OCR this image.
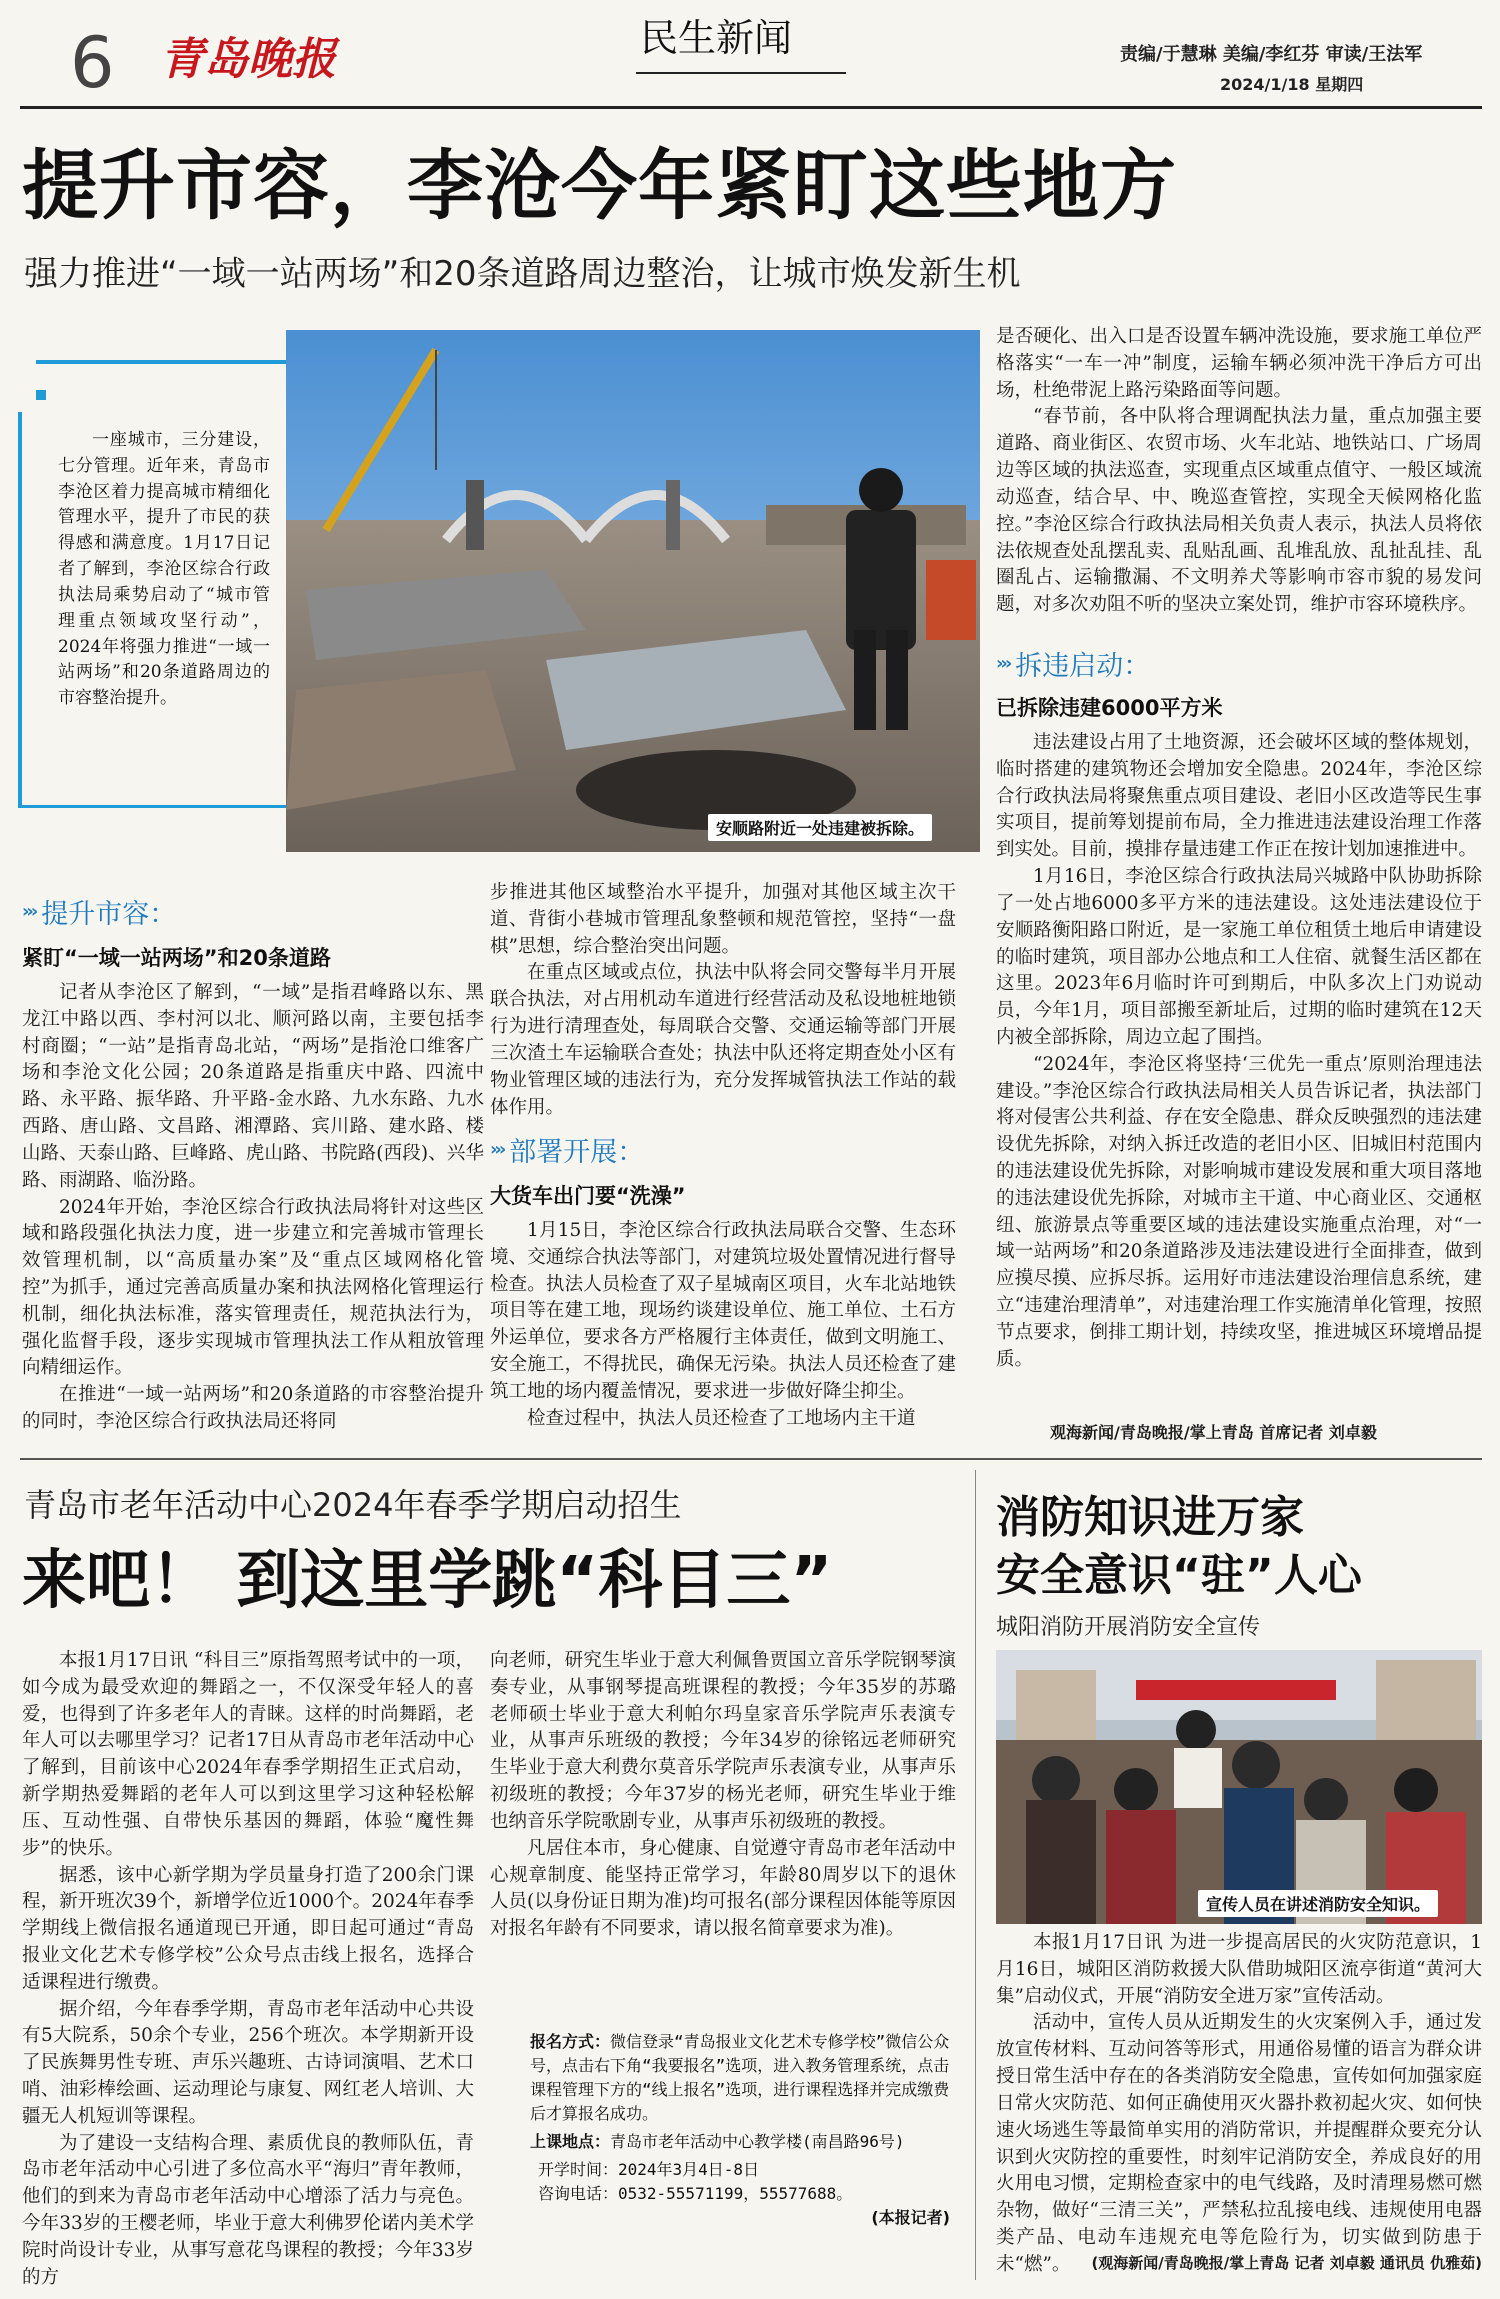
6 青岛晚报	民生新闻	责编/于慧琳 美编/李红芬 审读/王法军
2024/1/18 星期四
提升市容，李沧今年紧盯这些地方
强力推进“一域一站两场”和20条道路周边整治，让城市焕发新生机
一座城市，三分建设，七分管理。近年来，青岛市李沧区着力提高城市精细化管理水平，提升了市民的获得感和满意度。1月17日记者了解到，李沧区综合行政执法局乘势启动了“城市管理重点领域攻坚行动”，2024年将强力推进“一域一站两场”和20条道路周边的市容整治提升。
安顺路附近一处违建被拆除。
››› 提升市容：
紧盯“一域一站两场”和20条道路

记者从李沧区了解到，“一域”是指君峰路以东、黑龙江中路以西、李村河以北、顺河路以南，主要包括李村商圈；“一站”是指青岛北站，“两场”是指沧口维客广场和李沧文化公园；20条道路是指重庆中路、四流中路、永平路、振华路、升平路-金水路、九水东路、九水西路、唐山路、文昌路、湘潭路、宾川路、建水路、楼山路、天泰山路、巨峰路、虎山路、书院路(西段)、兴华路、雨湖路、临汾路。

2024年开始，李沧区综合行政执法局将针对这些区域和路段强化执法力度，进一步建立和完善城市管理长效管理机制，以“高质量办案”及“重点区域网格化管控”为抓手，通过完善高质量办案和执法网格化管理运行机制，细化执法标准，落实管理责任，规范执法行为，强化监督手段，逐步实现城市管理执法工作从粗放管理向精细运作。

在推进“一域一站两场”和20条道路的市容整治提升的同时，李沧区综合行政执法局还将同

步推进其他区域整治水平提升，加强对其他区域主次干道、背街小巷城市管理乱象整顿和规范管控，坚持“一盘棋”思想，综合整治突出问题。

在重点区域或点位，执法中队将会同交警每半月开展联合执法，对占用机动车道进行经营活动及私设地桩地锁行为进行清理查处，每周联合交警、交通运输等部门开展三次渣土车运输联合查处；执法中队还将定期查处小区有物业管理区域的违法行为，充分发挥城管执法工作站的载体作用。

››› 部署开展：
大货车出门要“洗澡”

1月15日，李沧区综合行政执法局联合交警、生态环境、交通综合执法等部门，对建筑垃圾处置情况进行督导检查。执法人员检查了双子星城南区项目，火车北站地铁项目等在建工地，现场约谈建设单位、施工单位、土石方外运单位，要求各方严格履行主体责任，做到文明施工、安全施工，不得扰民，确保无污染。执法人员还检查了建筑工地的场内覆盖情况，要求进一步做好降尘抑尘。

检查过程中，执法人员还检查了工地场内主干道

是否硬化、出入口是否设置车辆冲洗设施，要求施工单位严格落实“一车一冲”制度，运输车辆必须冲洗干净后方可出场，杜绝带泥上路污染路面等问题。

“春节前，各中队将合理调配执法力量，重点加强主要道路、商业街区、农贸市场、火车北站、地铁站口、广场周边等区域的执法巡查，实现重点区域重点值守、一般区域流动巡查，结合早、中、晚巡查管控，实现全天候网格化监控。”李沧区综合行政执法局相关负责人表示，执法人员将依法依规查处乱摆乱卖、乱贴乱画、乱堆乱放、乱扯乱挂、乱圈乱占、运输撒漏、不文明养犬等影响市容市貌的易发问题，对多次劝阻不听的坚决立案处罚，维护市容环境秩序。

››› 拆违启动：
已拆除违建6000平方米

违法建设占用了土地资源，还会破坏区域的整体规划，临时搭建的建筑物还会增加安全隐患。2024年，李沧区综合行政执法局将聚焦重点项目建设、老旧小区改造等民生事实项目，提前筹划提前布局，全力推进违法建设治理工作落到实处。目前，摸排存量违建工作正在按计划加速推进中。

1月16日，李沧区综合行政执法局兴城路中队协助拆除了一处占地6000多平方米的违法建设。这处违法建设位于安顺路衡阳路口附近，是一家施工单位租赁土地后申请建设的临时建筑，项目部办公地点和工人住宿、就餐生活区都在这里。2023年6月临时许可到期后，中队多次上门劝说动员，今年1月，项目部搬至新址后，过期的临时建筑在12天内被全部拆除，周边立起了围挡。

“2024年，李沧区将坚持‘三优先一重点’原则治理违法建设。”李沧区综合行政执法局相关人员告诉记者，执法部门将对侵害公共利益、存在安全隐患、群众反映强烈的违法建设优先拆除，对纳入拆迁改造的老旧小区、旧城旧村范围内的违法建设优先拆除，对影响城市建设发展和重大项目落地的违法建设优先拆除，对城市主干道、中心商业区、交通枢纽、旅游景点等重要区域的违法建设实施重点治理，对“一域一站两场”和20条道路涉及违法建设进行全面排查，做到应摸尽摸、应拆尽拆。运用好市违法建设治理信息系统，建立“违建治理清单”，对违建治理工作实施清单化管理，按照节点要求，倒排工期计划，持续攻坚，推进城区环境增品提质。

观海新闻/青岛晚报/掌上青岛 首席记者 刘卓毅
青岛市老年活动中心2024年春季学期启动招生
来吧！ 到这里学跳“科目三”

本报1月17日讯 “科目三”原指驾照考试中的一项，如今成为最受欢迎的舞蹈之一，不仅深受年轻人的喜爱，也得到了许多老年人的青睐。这样的时尚舞蹈，老年人可以去哪里学习？记者17日从青岛市老年活动中心了解到，目前该中心2024年春季学期招生正式启动，新学期热爱舞蹈的老年人可以到这里学习这种轻松解压、互动性强、自带快乐基因的舞蹈，体验“魔性舞步”的快乐。

据悉，该中心新学期为学员量身打造了200余门课程，新开班次39个，新增学位近1000个。2024年春季学期线上微信报名通道现已开通，即日起可通过“青岛报业文化艺术专修学校”公众号点击线上报名，选择合适课程进行缴费。

据介绍，今年春季学期，青岛市老年活动中心共设有5大院系，50余个专业，256个班次。本学期新开设了民族舞男性专班、声乐兴趣班、古诗词演唱、艺术口哨、油彩棒绘画、运动理论与康复、网红老人培训、大疆无人机短训等课程。

为了建设一支结构合理、素质优良的教师队伍，青岛市老年活动中心引进了多位高水平“海归”青年教师，他们的到来为青岛市老年活动中心增添了活力与亮色。今年33岁的王樱老师，毕业于意大利佛罗伦诺内美术学院时尚设计专业，从事写意花鸟课程的教授；今年33岁的方

向老师，研究生毕业于意大利佩鲁贾国立音乐学院钢琴演奏专业，从事钢琴提高班课程的教授；今年35岁的苏璐老师硕士毕业于意大利帕尔玛皇家音乐学院声乐表演专业，从事声乐班级的教授；今年34岁的徐铭远老师研究生毕业于意大利费尔莫音乐学院声乐表演专业，从事声乐初级班的教授；今年37岁的杨光老师，研究生毕业于维也纳音乐学院歌剧专业，从事声乐初级班的教授。

凡居住本市，身心健康、自觉遵守青岛市老年活动中心规章制度、能坚持正常学习，年龄80周岁以下的退休人员(以身份证日期为准)均可报名(部分课程因体能等原因对报名年龄有不同要求，请以报名简章要求为准)。

报名方式：微信登录“青岛报业文化艺术专修学校”微信公众号，点击右下角“我要报名”选项，进入教务管理系统，点击课程管理下方的“线上报名”选项，进行课程选择并完成缴费后才算报名成功。
上课地点：青岛市老年活动中心教学楼(南昌路96号)
开学时间：2024年3月4日-8日
咨询电话：0532-55571199，55577688。
(本报记者)
消防知识进万家
安全意识“驻”人心
城阳消防开展消防安全宣传
宣传人员在讲述消防安全知识。

本报1月17日讯 为进一步提高居民的火灾防范意识，1月16日，城阳区消防救援大队借助城阳区流亭街道“黄河大集”启动仪式，开展“消防安全进万家”宣传活动。

活动中，宣传人员从近期发生的火灾案例入手，通过发放宣传材料、互动问答等形式，用通俗易懂的语言为群众讲授日常生活中存在的各类消防安全隐患，宣传如何加强家庭日常火灾防范、如何正确使用灭火器扑救初起火灾、如何快速火场逃生等最简单实用的消防常识，并提醒群众要充分认识到火灾防控的重要性，时刻牢记消防安全，养成良好的用火用电习惯，定期检查家中的电气线路，及时清理易燃可燃杂物，做好“三清三关”，严禁私拉乱接电线、违规使用电器类产品、电动车违规充电等危险行为，切实做到防患于未“燃”。	(观海新闻/青岛晚报/掌上青岛 记者 刘卓毅 通讯员 仇雅茹)
